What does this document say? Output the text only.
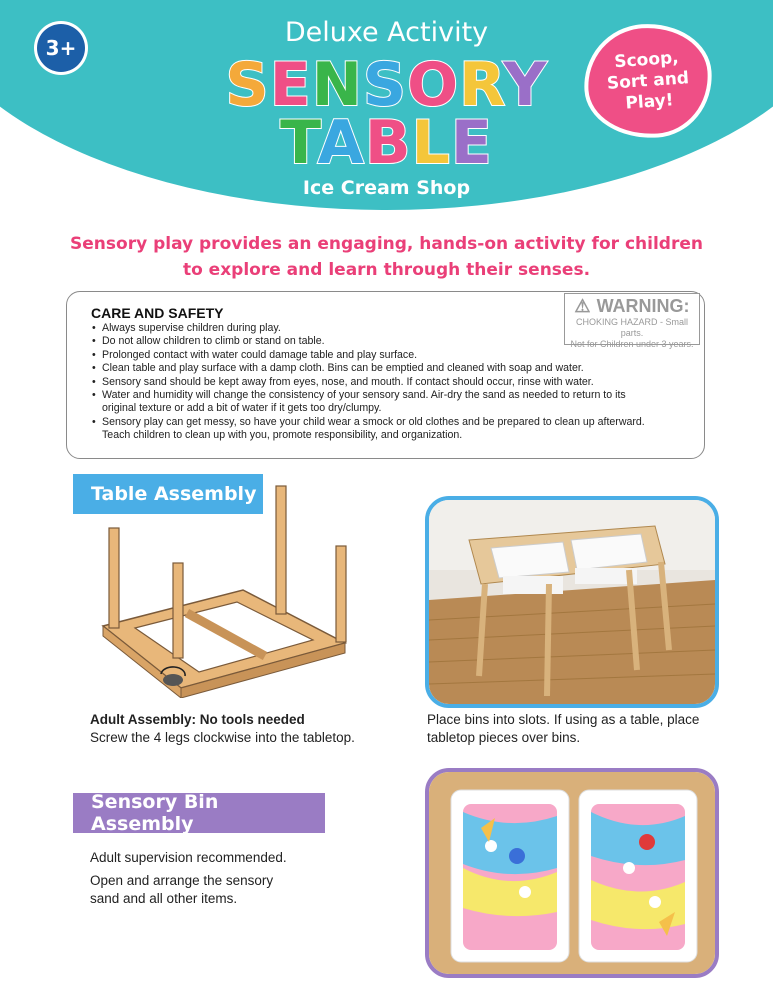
3+	Deluxe Activity
SENSORY
TABLE
Ice Cream Shop
Scoop,
Sort and
Play!
Sensory play provides an engaging, hands-on activity for children to explore and learn through their senses.
CARE AND SAFETY
• Always supervise children during play.
• Do not allow children to climb or stand on table.
• Prolonged contact with water could damage table and play surface.
• Clean table and play surface with a damp cloth. Bins can be emptied and cleaned with soap and water.
• Sensory sand should be kept away from eyes, nose, and mouth. If contact should occur, rinse with water.
• Water and humidity will change the consistency of your sensory sand. Air-dry the sand as needed to return to its original texture or add a bit of water if it gets too dry/clumpy.
• Sensory play can get messy, so have your child wear a smock or old clothes and be prepared to clean up afterward. Teach children to clean up with you, promote responsibility, and organization.
⚠ WARNING:
CHOKING HAZARD - Small parts.
Not for Children under 3 years.
Table Assembly
Adult Assembly: No tools needed
Screw the 4 legs clockwise into the tabletop.
Place bins into slots. If using as a table, place tabletop pieces over bins.
Sensory Bin Assembly
Adult supervision recommended.
Open and arrange the sensory sand and all other items.
